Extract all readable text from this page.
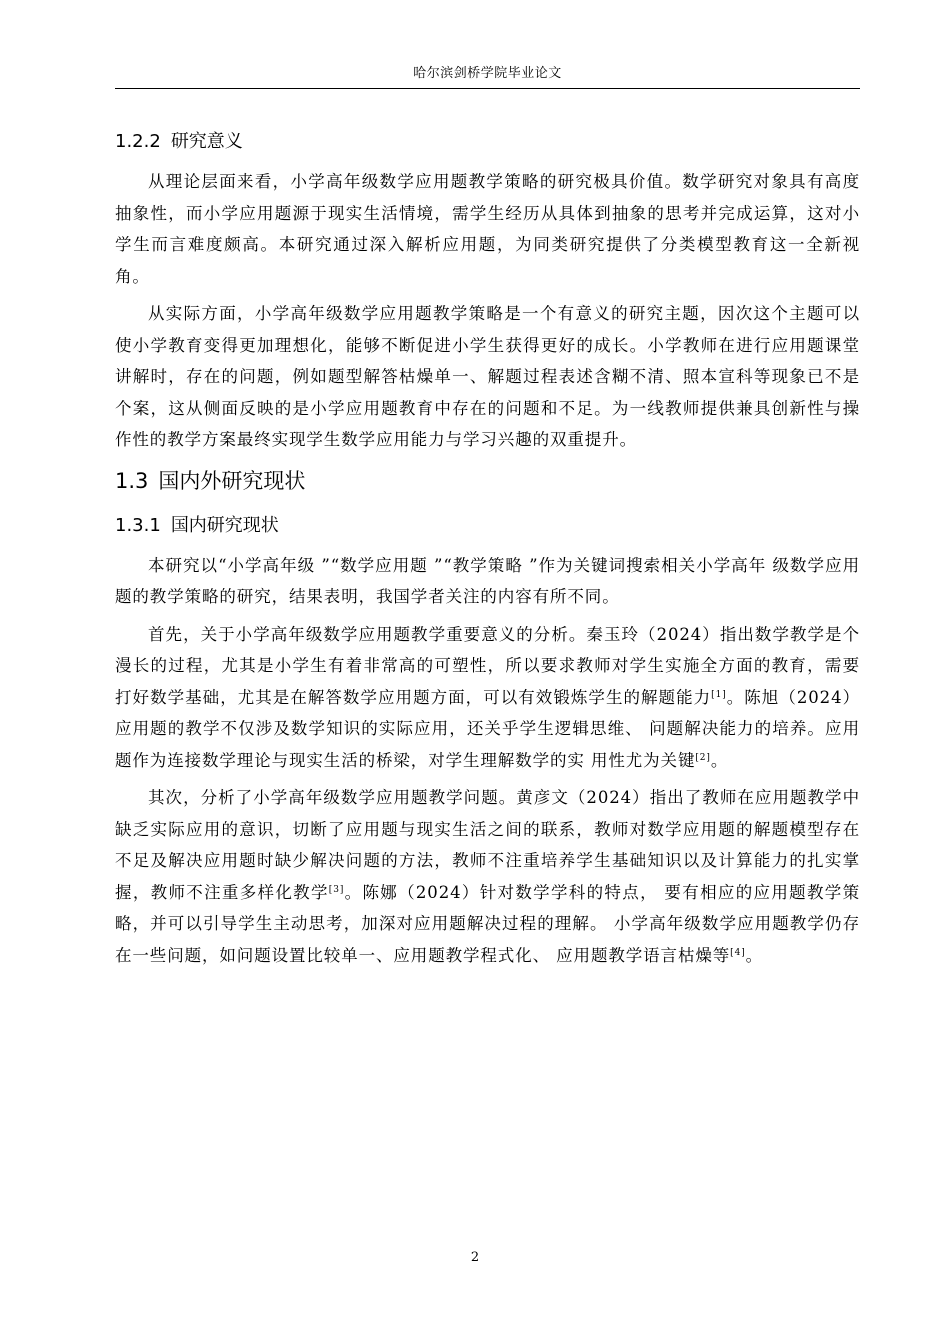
哈尔滨剑桥学院毕业论文
1.2.2 研究意义

从理论层面来看，小学高年级数学应用题教学策略的研究极具价值。数学研究对象具有高度抽象性，而小学应用题源于现实生活情境，需学生经历从具体到抽象的思考并完成运算，这对小学生而言难度颇高。本研究通过深入解析应用题，为同类研究提供了分类模型教育这一全新视角。

从实际方面，小学高年级数学应用题教学策略是一个有意义的研究主题，因次这个主题可以使小学教育变得更加理想化，能够不断促进小学生获得更好的成长。小学教师在进行应用题课堂讲解时，存在的问题，例如题型解答枯燥单一、解题过程表述含糊不清、照本宣科等现象已不是个案，这从侧面反映的是小学应用题教育中存在的问题和不足。为一线教师提供兼具创新性与操作性的教学方案最终实现学生数学应用能力与学习兴趣的双重提升。

1.3 国内外研究现状
1.3.1 国内研究现状

本研究以“小学高年级 ”“数学应用题 ”“教学策略 ”作为关键词搜索相关小学高年 级数学应用题的教学策略的研究，结果表明，我国学者关注的内容有所不同。

首先，关于小学高年级数学应用题教学重要意义的分析。秦玉玲（2024）指出数学教学是个漫长的过程，尤其是小学生有着非常高的可塑性，所以要求教师对学生实施全方面的教育，需要打好数学基础，尤其是在解答数学应用题方面，可以有效锻炼学生的解题能力[1]。陈旭（2024）应用题的教学不仅涉及数学知识的实际应用，还关乎学生逻辑思维、 问题解决能力的培养。应用题作为连接数学理论与现实生活的桥梁，对学生理解数学的实 用性尤为关键[2]。

其次，分析了小学高年级数学应用题教学问题。黄彦文（2024）指出了教师在应用题教学中缺乏实际应用的意识，切断了应用题与现实生活之间的联系，教师对数学应用题的解题模型存在不足及解决应用题时缺少解决问题的方法，教师不注重培养学生基础知识以及计算能力的扎实掌握，教师不注重多样化教学[3]。陈娜（2024）针对数学学科的特点， 要有相应的应用题教学策略，并可以引导学生主动思考，加深对应用题解决过程的理解。 小学高年级数学应用题教学仍存在一些问题，如问题设置比较单一、应用题教学程式化、 应用题教学语言枯燥等[4]。

2
